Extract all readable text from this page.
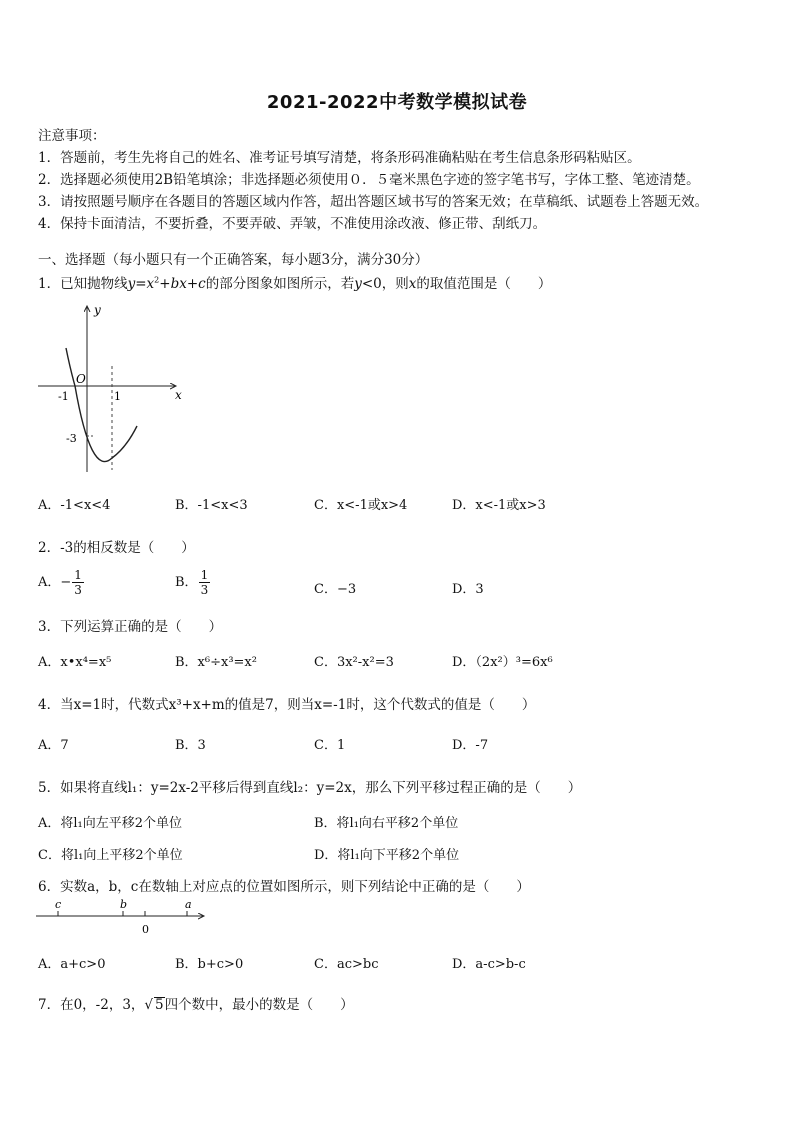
2021-2022中考数学模拟试卷
注意事项：
1．答题前，考生先将自己的姓名、准考证号填写清楚，将条形码准确粘贴在考生信息条形码粘贴区。
2．选择题必须使用2B铅笔填涂；非选择题必须使用０．５毫米黑色字迹的签字笔书写，字体工整、笔迹清楚。
3．请按照题号顺序在各题目的答题区域内作答，超出答题区域书写的答案无效；在草稿纸、试题卷上答题无效。
4．保持卡面清洁，不要折叠，不要弄破、弄皱，不准使用涂改液、修正带、刮纸刀。
一、选择题（每小题只有一个正确答案，每小题3分，满分30分）
1．已知抛物线$y=x^2+bx+c$的部分图象如图所示，若y<0，则x的取值范围是（　　）
y
x
O
-1	1
-3
A．-1<x<4	B．-1<x<3	C．x<-1或x>4	D．x<-1或x>3
2．-3的相反数是（　　）
A．− $\frac{1}{3}$	B． $\frac{1}{3}$	C．−3	D．3
3．下列运算正确的是（　　）
A．x•x⁴=x⁵	B．x⁶÷x³=x²	C．3x²-x²=3	D．（2x²）³=6x⁶
4．当x=1时，代数式x³+x+m的值是7，则当x=-1时，这个代数式的值是（　　）
A．7	B．3	C．1	D．-7
5．如果将直线l₁：y=2x-2平移后得到直线l₂：y=2x，那么下列平移过程正确的是（　　）
A．将l₁向左平移2个单位	B．将l₁向右平移2个单位
C．将l₁向上平移2个单位	D．将l₁向下平移2个单位
6．实数a，b，c在数轴上对应点的位置如图所示，则下列结论中正确的是（　　）
c	b	a
0
A．a+c>0	B．b+c>0	C．ac>bc	D．a-c>b-c
7．在0，-2，3，√ 5四个数中，最小的数是（　　）
